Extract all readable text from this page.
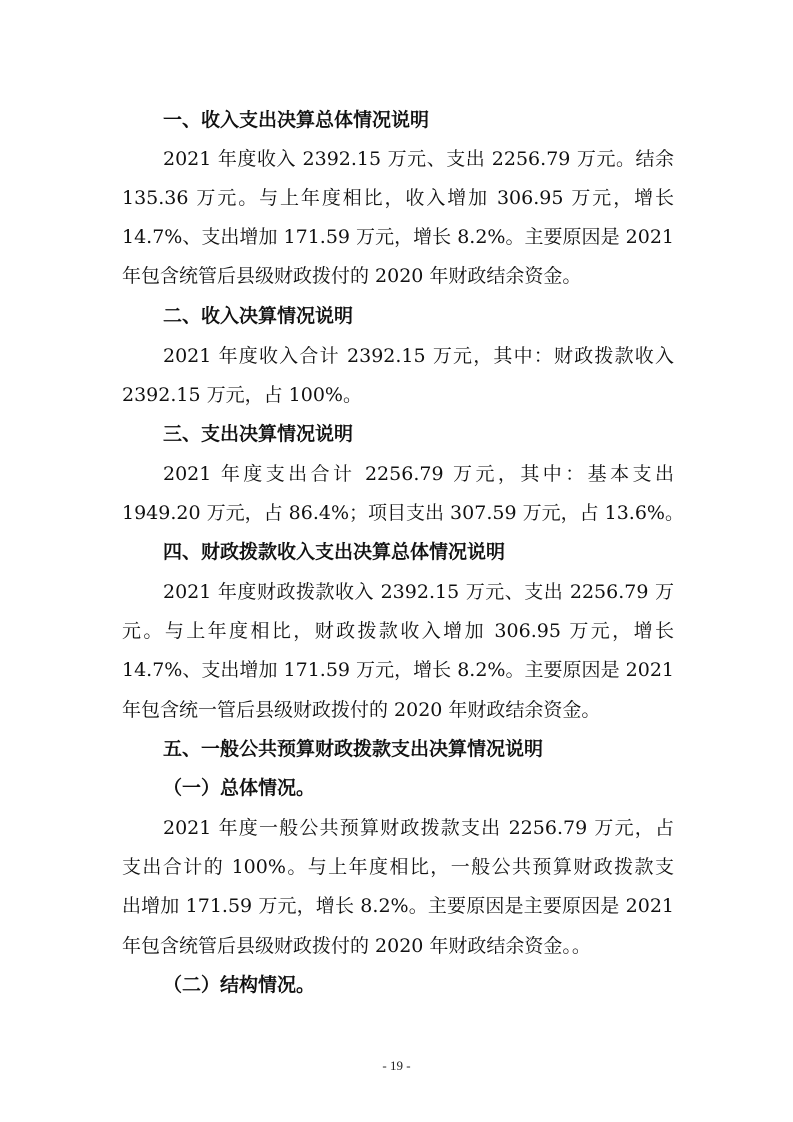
一、收入支出决算总体情况说明
2021 年度收入 2392.15 万元、支出 2256.79 万元。结余
135.36 万元。与上年度相比，收入增加 306.95 万元，增长
14.7%、支出增加 171.59 万元，增长 8.2%。主要原因是 2021
年包含统管后县级财政拨付的 2020 年财政结余资金。
二、收入决算情况说明
2021 年度收入合计 2392.15 万元，其中：财政拨款收入
2392.15 万元，占 100%。
三、支出决算情况说明
2021 年度支出合计 2256.79 万元，其中：基本支出
1949.20 万元，占 86.4%；项目支出 307.59 万元，占 13.6%。
四、财政拨款收入支出决算总体情况说明
2021 年度财政拨款收入 2392.15 万元、支出 2256.79 万
元。与上年度相比，财政拨款收入增加 306.95 万元，增长
14.7%、支出增加 171.59 万元，增长 8.2%。主要原因是 2021
年包含统一管后县级财政拨付的 2020 年财政结余资金。
五、一般公共预算财政拨款支出决算情况说明
（一）总体情况。
2021 年度一般公共预算财政拨款支出 2256.79 万元，占
支出合计的 100%。与上年度相比，一般公共预算财政拨款支
出增加 171.59 万元，增长 8.2%。主要原因是主要原因是 2021
年包含统管后县级财政拨付的 2020 年财政结余资金。。
（二）结构情况。
- 19 -
